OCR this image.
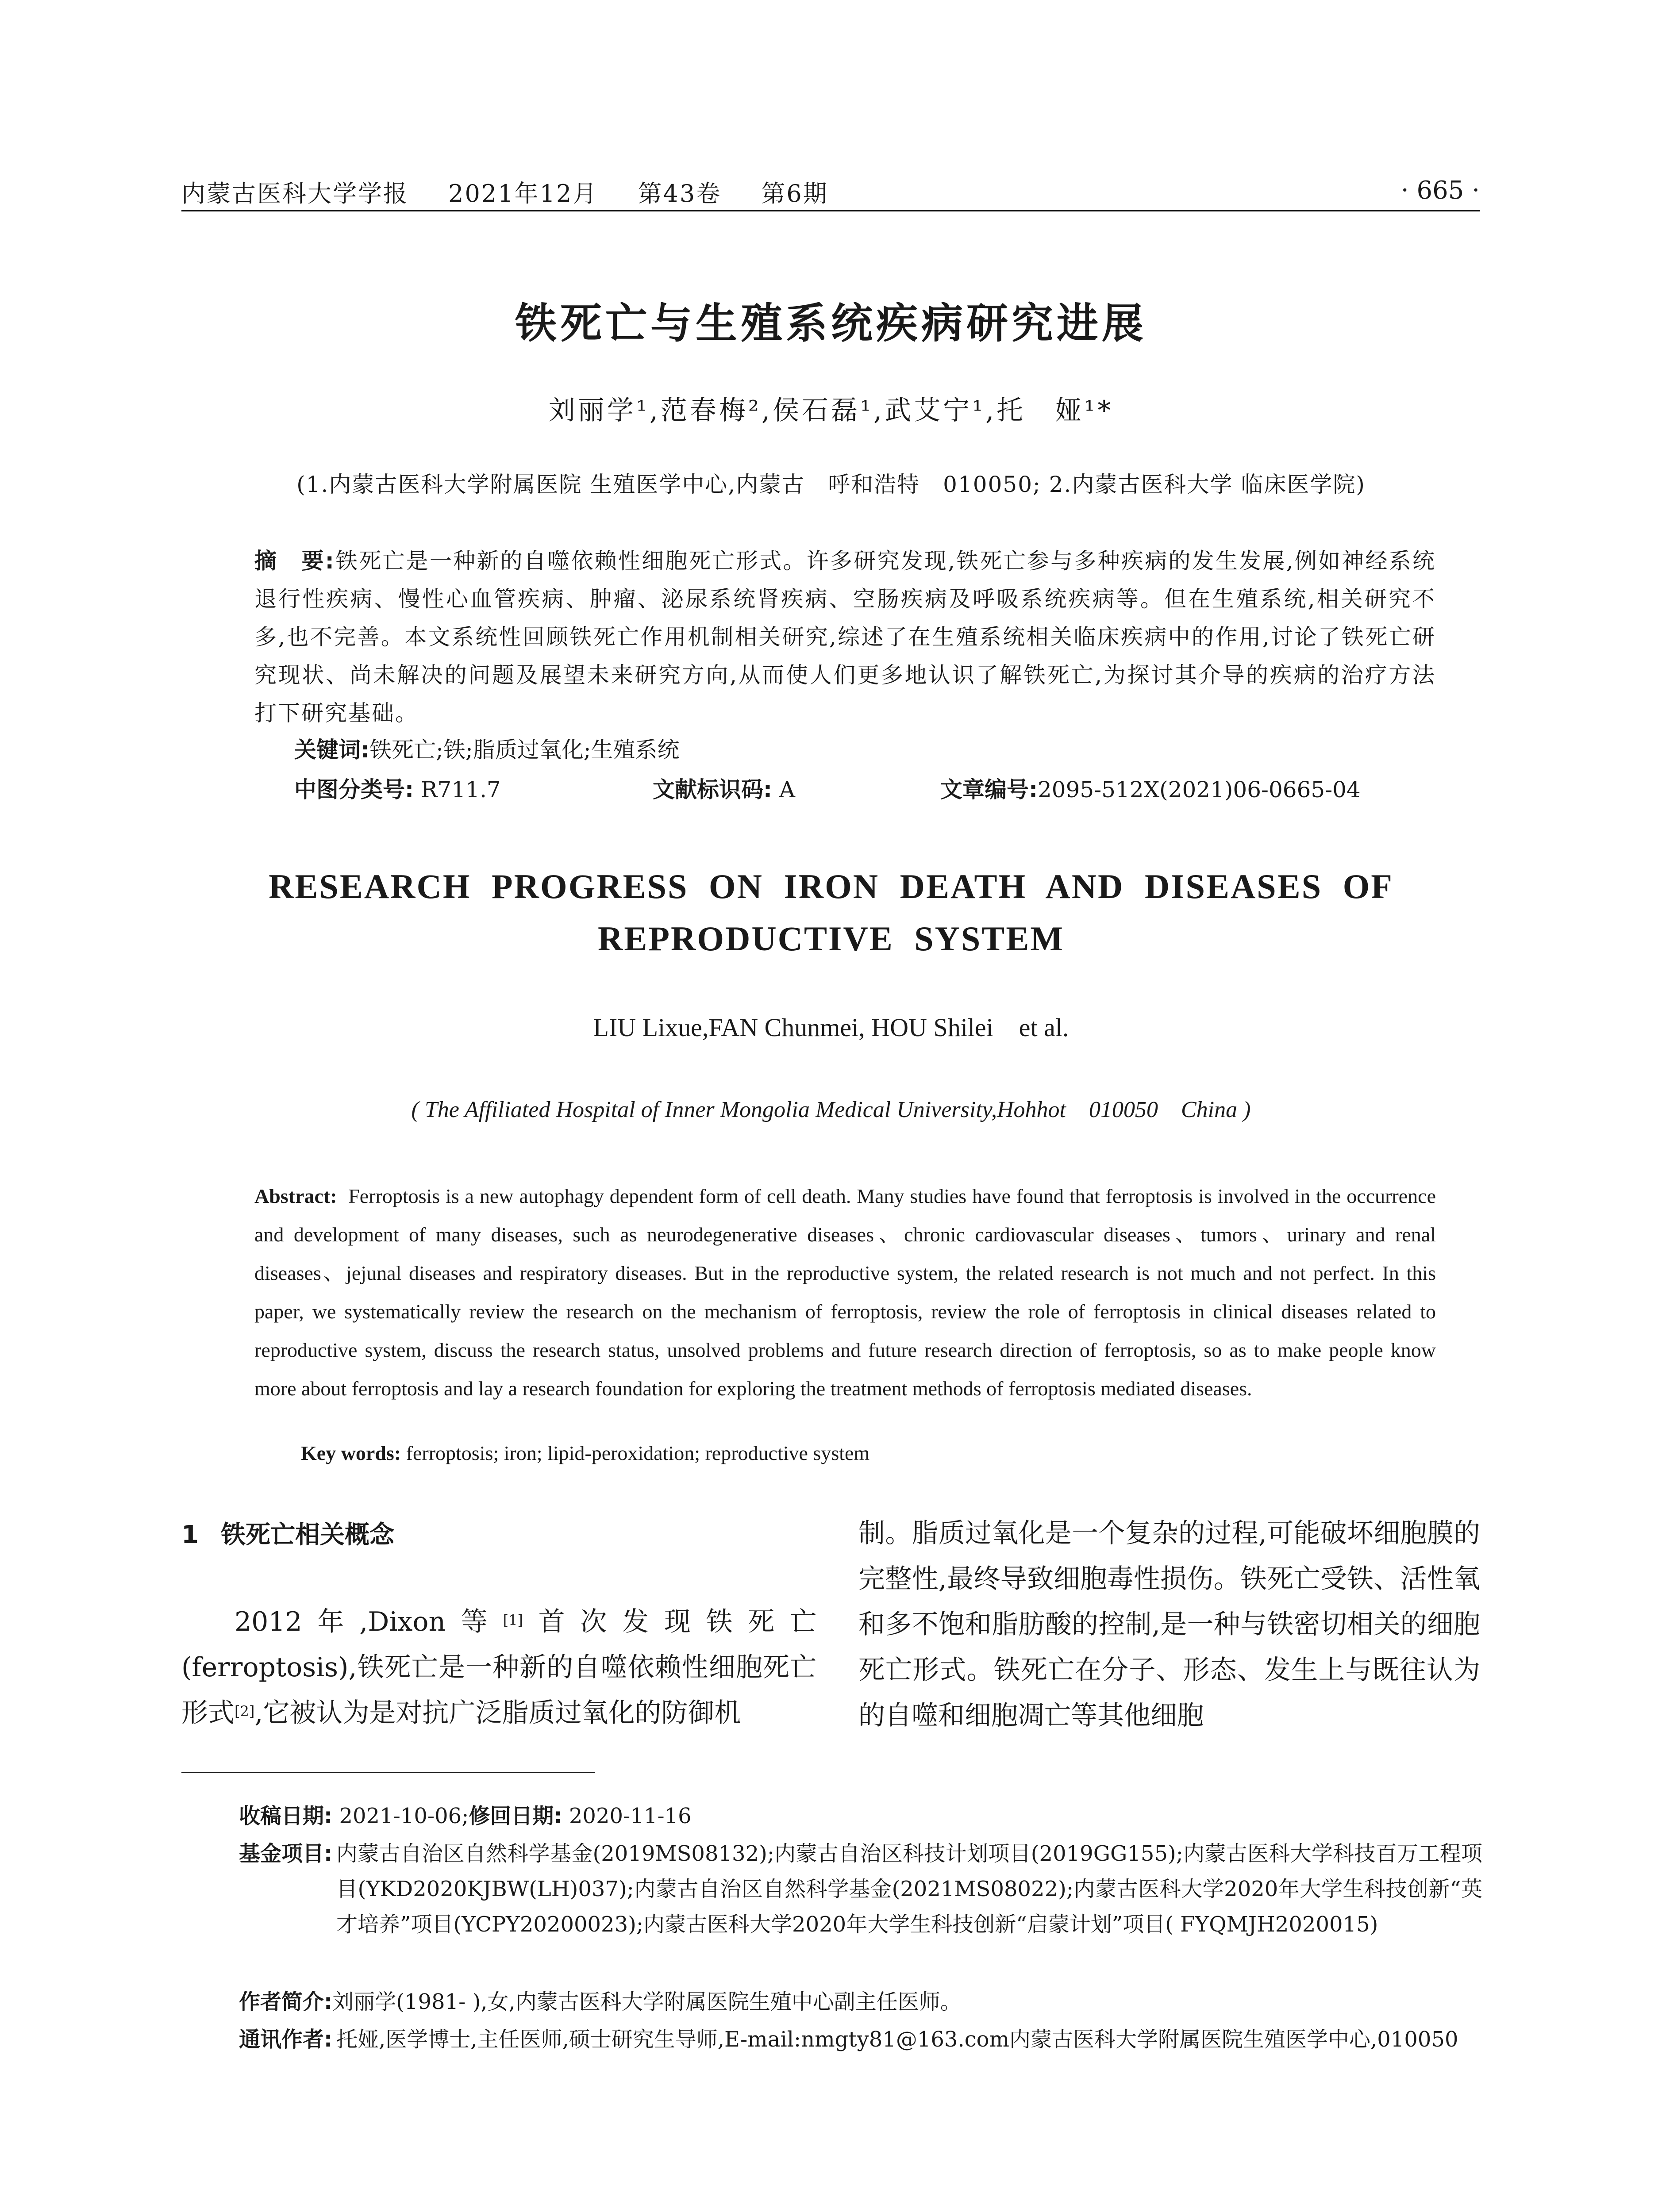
内蒙古医科大学学报 2021年12月 第43卷 第6期	· 665 ·
铁死亡与生殖系统疾病研究进展
刘丽学¹,范春梅²,侯石磊¹,武艾宁¹,托　娅¹*
(1.内蒙古医科大学附属医院 生殖医学中心,内蒙古　呼和浩特　010050; 2.内蒙古医科大学 临床医学院)
摘　要:铁死亡是一种新的自噬依赖性细胞死亡形式。许多研究发现,铁死亡参与多种疾病的发生发展,例如神经系统退行性疾病、慢性心血管疾病、肿瘤、泌尿系统肾疾病、空肠疾病及呼吸系统疾病等。但在生殖系统,相关研究不多,也不完善。本文系统性回顾铁死亡作用机制相关研究,综述了在生殖系统相关临床疾病中的作用,讨论了铁死亡研究现状、尚未解决的问题及展望未来研究方向,从而使人们更多地认识了解铁死亡,为探讨其介导的疾病的治疗方法打下研究基础。
关键词:铁死亡;铁;脂质过氧化;生殖系统
中图分类号: R711.7	文献标识码: A	文章编号:2095-512X(2021)06-0665-04
RESEARCH PROGRESS ON IRON DEATH AND DISEASES OF
REPRODUCTIVE SYSTEM
LIU Lixue,FAN Chunmei, HOU Shilei　et al.
( The Affiliated Hospital of Inner Mongolia Medical University,Hohhot　010050　China )
Abstract: Ferroptosis is a new autophagy dependent form of cell death. Many studies have found that ferroptosis is involved in the occurrence and development of many diseases, such as neurodegenerative diseases、chronic cardiovascular diseases、tumors、urinary and renal diseases、jejunal diseases and respiratory diseases. But in the reproductive system, the related research is not much and not perfect. In this paper, we systematically review the research on the mechanism of ferroptosis, review the role of ferroptosis in clinical diseases related to reproductive system, discuss the research status, unsolved problems and future research direction of ferroptosis, so as to make people know more about ferroptosis and lay a research foundation for exploring the treatment methods of ferroptosis mediated diseases.
Key words: ferroptosis; iron; lipid-peroxidation; reproductive system
1 铁死亡相关概念
2012年,Dixon等[1]首次发现铁死亡(ferroptosis),铁死亡是一种新的自噬依赖性细胞死亡形式[2],它被认为是对抗广泛脂质过氧化的防御机
制。脂质过氧化是一个复杂的过程,可能破坏细胞膜的完整性,最终导致细胞毒性损伤。铁死亡受铁、活性氧和多不饱和脂肪酸的控制,是一种与铁密切相关的细胞死亡形式。铁死亡在分子、形态、发生上与既往认为的自噬和细胞凋亡等其他细胞
收稿日期: 2021-10-06;修回日期: 2020-11-16
基金项目: 内蒙古自治区自然科学基金(2019MS08132);内蒙古自治区科技计划项目(2019GG155);内蒙古医科大学科技百万工程项目(YKD2020KJBW(LH)037);内蒙古自治区自然科学基金(2021MS08022);内蒙古医科大学2020年大学生科技创新“英才培养”项目(YCPY20200023);内蒙古医科大学2020年大学生科技创新“启蒙计划”项目( FYQMJH2020015)
作者简介:刘丽学(1981- ),女,内蒙古医科大学附属医院生殖中心副主任医师。
通讯作者: 托娅,医学博士,主任医师,硕士研究生导师,E-mail:nmgty81@163.com内蒙古医科大学附属医院生殖医学中心,010050
